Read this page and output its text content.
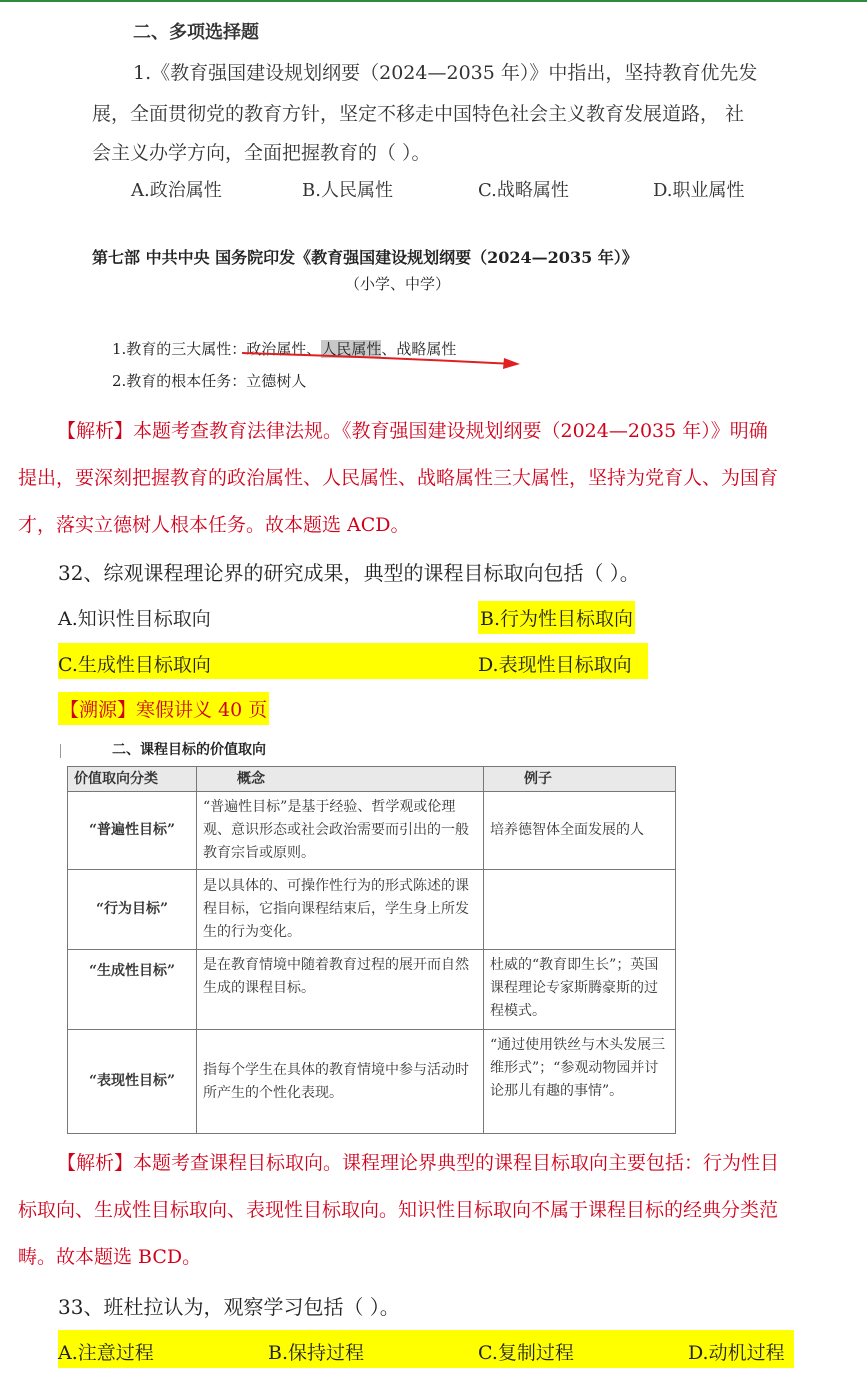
二、多项选择题
1.《教育强国建设规划纲要（2024—2035 年）》中指出，坚持教育优先发
展，全面贯彻党的教育方针，坚定不移走中国特色社会主义教育发展道路， 社
会主义办学方向，全面把握教育的（ ）。
A.政治属性	B.人民属性	C.战略属性	D.职业属性
第七部 中共中央 国务院印发《教育强国建设规划纲要（2024—2035 年）》
（小学、中学）
1.教育的三大属性：政治属性、人民属性、战略属性
2.教育的根本任务：立德树人
【解析】本题考查教育法律法规。《教育强国建设规划纲要（2024—2035 年）》明确
提出，要深刻把握教育的政治属性、人民属性、战略属性三大属性，坚持为党育人、为国育
才，落实立德树人根本任务。故本题选 ACD。
32、综观课程理论界的研究成果，典型的课程目标取向包括（ ）。
A.知识性目标取向	B.行为性目标取向
C.生成性目标取向	D.表现性目标取向
【溯源】寒假讲义 40 页
二、课程目标的价值取向
价值取向分类	概念	例子
“普遍性目标”	“普遍性目标”是基于经验、哲学观或伦理观、意识形态或社会政治需要而引出的一般教育宗旨或原则。	培养德智体全面发展的人
“行为目标”	是以具体的、可操作性行为的形式陈述的课程目标，它指向课程结束后，学生身上所发生的行为变化。	
“生成性目标”	是在教育情境中随着教育过程的展开而自然生成的课程目标。	杜威的“教育即生长”；英国课程理论专家斯腾豪斯的过程模式。
“表现性目标”	指每个学生在具体的教育情境中参与活动时所产生的个性化表现。	“通过使用铁丝与木头发展三维形式”；“参观动物园并讨论那儿有趣的事情”。
【解析】本题考查课程目标取向。课程理论界典型的课程目标取向主要包括：行为性目
标取向、生成性目标取向、表现性目标取向。知识性目标取向不属于课程目标的经典分类范
畴。故本题选 BCD。
33、班杜拉认为，观察学习包括（ ）。
A.注意过程	B.保持过程	C.复制过程	D.动机过程
